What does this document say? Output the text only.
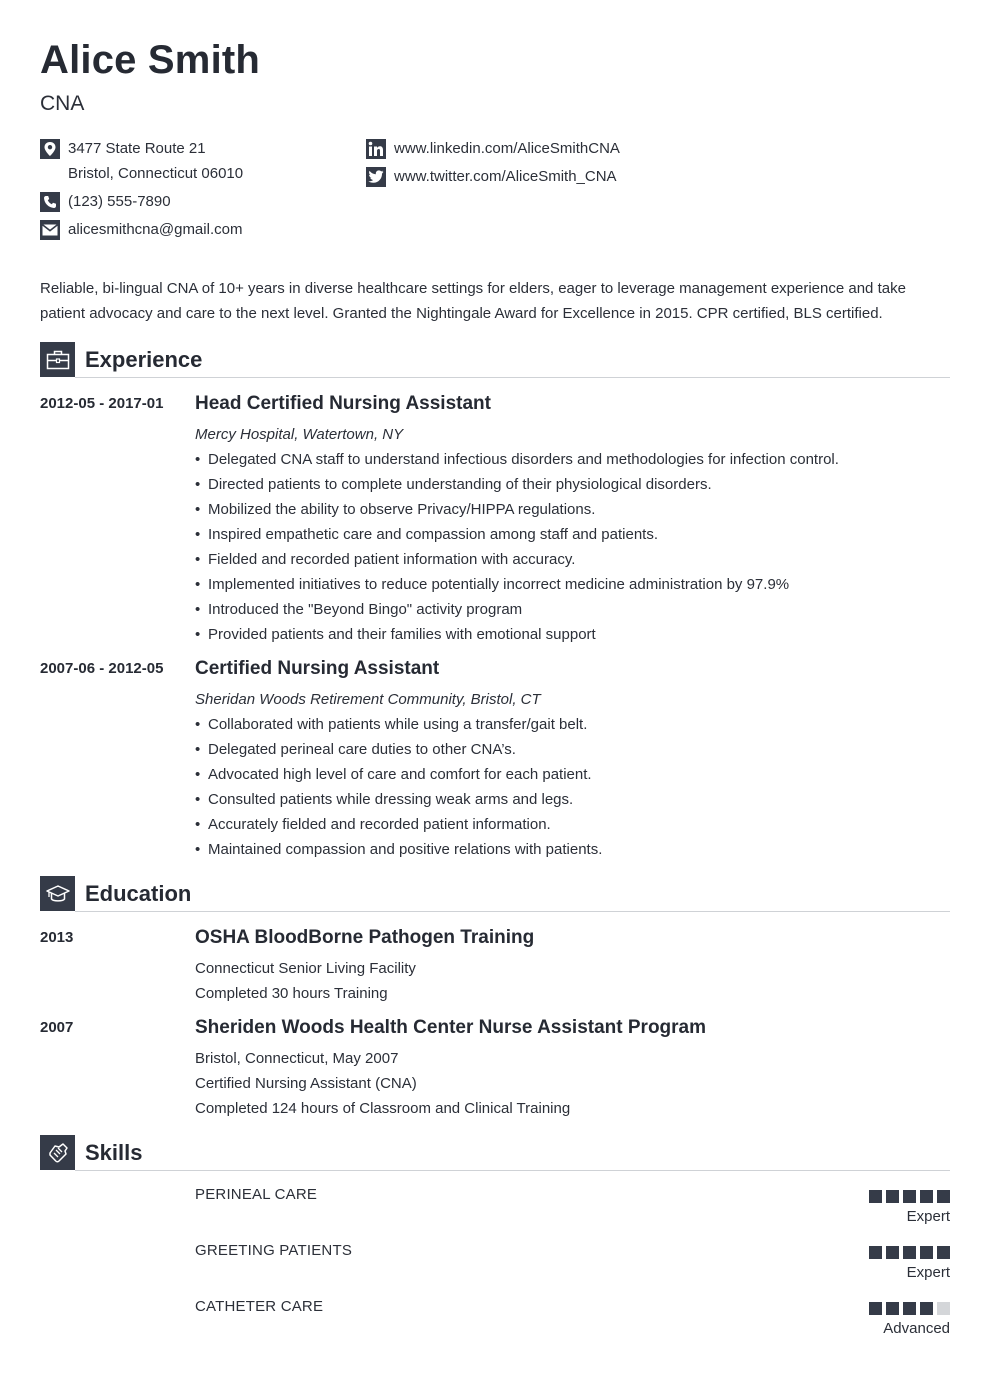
Alice Smith
CNA
3477 State Route 21
Bristol, Connecticut 06010
(123) 555-7890
alicesmithcna@gmail.com
www.linkedin.com/AliceSmithCNA
www.twitter.com/AliceSmith_CNA
Reliable, bi-lingual CNA of 10+ years in diverse healthcare settings for elders, eager to leverage management experience and take patient advocacy and care to the next level. Granted the Nightingale Award for Excellence in 2015. CPR certified, BLS certified.
Experience
2012-05 - 2017-01 Head Certified Nursing Assistant
Mercy Hospital, Watertown, NY
• Delegated CNA staff to understand infectious disorders and methodologies for infection control.
• Directed patients to complete understanding of their physiological disorders.
• Mobilized the ability to observe Privacy/HIPPA regulations.
• Inspired empathetic care and compassion among staff and patients.
• Fielded and recorded patient information with accuracy.
• Implemented initiatives to reduce potentially incorrect medicine administration by 97.9%
• Introduced the "Beyond Bingo" activity program
• Provided patients and their families with emotional support
2007-06 - 2012-05 Certified Nursing Assistant
Sheridan Woods Retirement Community, Bristol, CT
• Collaborated with patients while using a transfer/gait belt.
• Delegated perineal care duties to other CNA’s.
• Advocated high level of care and comfort for each patient.
• Consulted patients while dressing weak arms and legs.
• Accurately fielded and recorded patient information.
• Maintained compassion and positive relations with patients.
Education
2013	OSHA BloodBorne Pathogen Training
Connecticut Senior Living Facility
Completed 30 hours Training
2007	Sheriden Woods Health Center Nurse Assistant Program
Bristol, Connecticut, May 2007
Certified Nursing Assistant (CNA)
Completed 124 hours of Classroom and Clinical Training
Skills
PERINEAL CARE
Expert
GREETING PATIENTS
Expert
CATHETER CARE
Advanced
